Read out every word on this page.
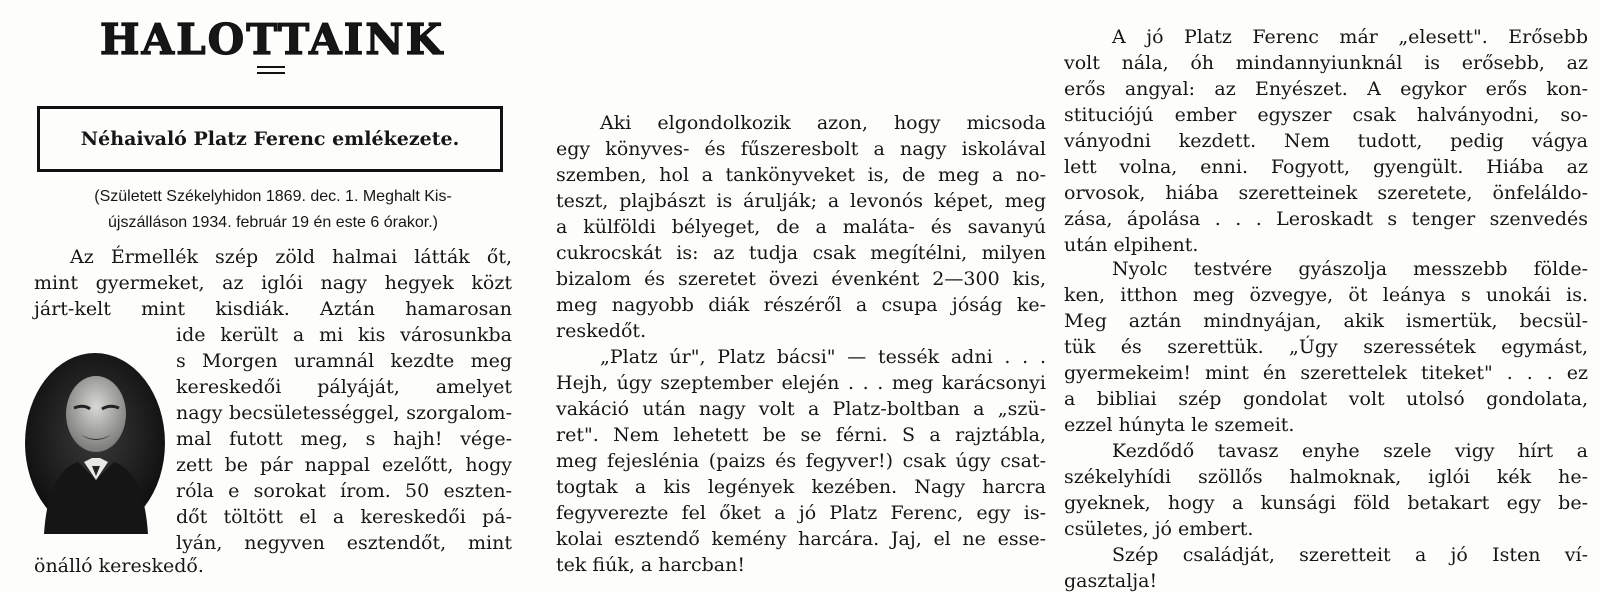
HALOTTAINK
Néhaivaló Platz Ferenc emlékezete.
(Született Székelyhidon 1869. dec. 1. Meghalt Kis-
újszálláson 1934. február 19 én este 6 órakor.)
Az Érmellék szép zöld halmai látták őt,
mint gyermeket, az iglói nagy hegyek közt
járt-kelt mint kisdiák. Aztán hamarosan
ide került a mi kis városunkba
s Morgen uramnál kezdte meg
kereskedői pályáját, amelyet
nagy becsületességgel, szorgalom-
mal futott meg, s hajh! vége-
zett be pár nappal ezelőtt, hogy
róla e sorokat írom. 50 eszten-
dőt töltött el a kereskedői pá-
lyán, negyven esztendőt, mint
önálló kereskedő.
Aki elgondolkozik azon, hogy micsoda
egy könyves- és fűszeresbolt a nagy iskolával
szemben, hol a tankönyveket is, de meg a no-
teszt, plajbászt is árulják; a levonós képet, meg
a külföldi bélyeget, de a maláta- és savanyú
cukrocskát is: az tudja csak megítélni, milyen
bizalom és szeretet övezi évenként 2—300 kis,
meg nagyobb diák részéről a csupa jóság ke-
reskedőt.
„Platz úr", Platz bácsi" — tessék adni . . .
Hejh, úgy szeptember elején . . . meg karácsonyi
vakáció után nagy volt a Platz-boltban a „szü-
ret". Nem lehetett be se férni. S a rajztábla,
meg fejeslénia (paizs és fegyver!) csak úgy csat-
togtak a kis legények kezében. Nagy harcra
fegyverezte fel őket a jó Platz Ferenc, egy is-
kolai esztendő kemény harcára. Jaj, el ne esse-
tek fiúk, a harcban!
A jó Platz Ferenc már „elesett". Erősebb
volt nála, óh mindannyiunknál is erősebb, az
erős angyal: az Enyészet. A egykor erős kon-
stituciójú ember egyszer csak halványodni, so-
ványodni kezdett. Nem tudott, pedig vágya
lett volna, enni. Fogyott, gyengült. Hiába az
orvosok, hiába szeretteinek szeretete, önfeláldo-
zása, ápolása . . . Leroskadt s tenger szenvedés
után elpihent.
Nyolc testvére gyászolja messzebb földe-
ken, itthon meg özvegye, öt leánya s unokái is.
Meg aztán mindnyájan, akik ismertük, becsül-
tük és szerettük. „Úgy szeressétek egymást,
gyermekeim! mint én szerettelek titeket" . . . ez
a bibliai szép gondolat volt utolsó gondolata,
ezzel húnyta le szemeit.
Kezdődő tavasz enyhe szele vigy hírt a
székelyhídi szöllős halmoknak, iglói kék he-
gyeknek, hogy a kunsági föld betakart egy be-
csületes, jó embert.
Szép családját, szeretteit a jó Isten ví-
gasztalja!
